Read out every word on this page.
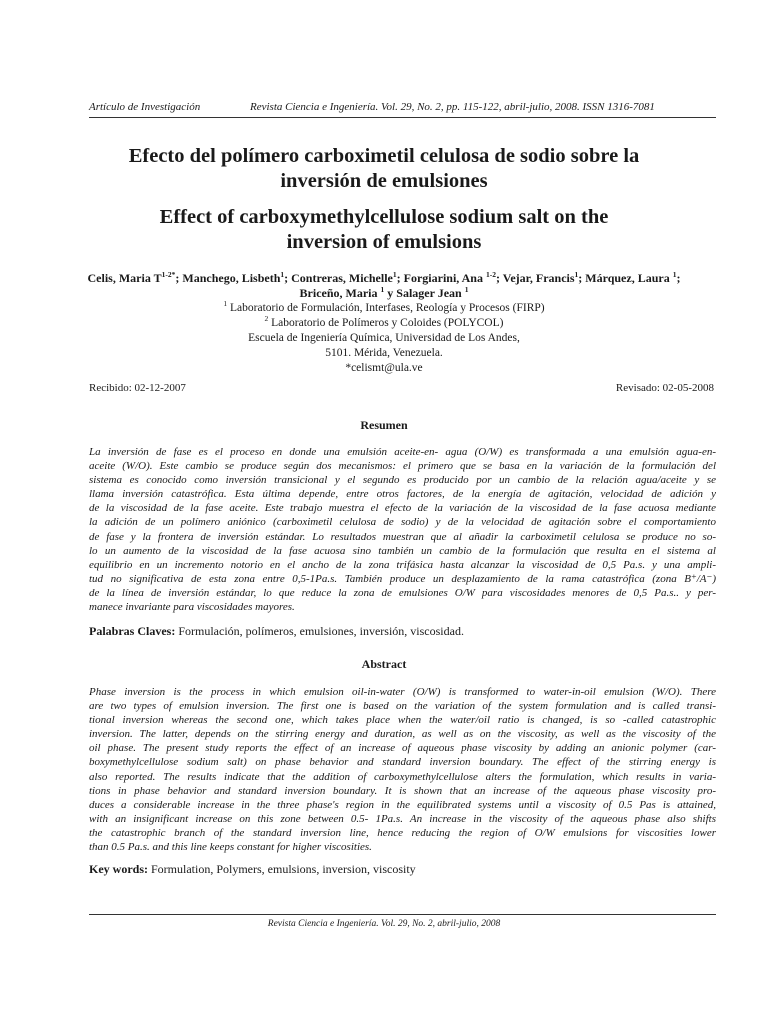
Artículo de Investigación	Revista Ciencia e Ingeniería. Vol. 29, No. 2, pp. 115-122, abril-julio, 2008. ISSN 1316-7081
Efecto del polímero carboximetil celulosa de sodio sobre la
inversión de emulsiones
Effect of carboxymethylcellulose sodium salt on the
inversion of emulsions
Celis, Maria $T^{1-2*}$; Manchego, Lisbeth$^1$; Contreras, Michelle$^1$; Forgiarini, Ana $^{1-2}$; Vejar, Francis$^1$; Márquez, Laura $^1$;
Briceño, Maria $^1$ y Salager Jean $^1$
$^1$ Laboratorio de Formulación, Interfases, Reología y Procesos (FIRP)
$^2$ Laboratorio de Polímeros y Coloides (POLYCOL)
Escuela de Ingeniería Química, Universidad de Los Andes,
5101. Mérida, Venezuela.
*celismt@ula.ve
Recibido: 02-12-2007	Revisado: 02-05-2008
Resumen
La inversión de fase es el proceso en donde una emulsión aceite-en- agua (O/W) es transformada a una emulsión agua-en-
aceite (W/O). Este cambio se produce según dos mecanismos: el primero que se basa en la variación de la formulación del
sistema es conocido como inversión transicional y el segundo es producido por un cambio de la relación agua/aceite y se
llama inversión catastrófica. Esta última depende, entre otros factores, de la energía de agitación, velocidad de adición y
de la viscosidad de la fase aceite. Este trabajo muestra el efecto de la variación de la viscosidad de la fase acuosa mediante
la adición de un polímero aniónico (carboximetil celulosa de sodio) y de la velocidad de agitación sobre el comportamiento
de fase y la frontera de inversión estándar. Lo resultados muestran que al añadir la carboximetil celulosa se produce no so-
lo un aumento de la viscosidad de la fase acuosa sino también un cambio de la formulación que resulta en el sistema al
equilibrio en un incremento notorio en el ancho de la zona trifásica hasta alcanzar la viscosidad de 0,5 Pa.s. y una ampli-
tud no significativa de esta zona entre 0,5-1Pa.s. También produce un desplazamiento de la rama catastrófica (zona B⁺/A⁻)
de la línea de inversión estándar, lo que reduce la zona de emulsiones O/W para viscosidades menores de 0,5 Pa.s.. y per-
manece invariante para viscosidades mayores.
Palabras Claves: Formulación, polímeros, emulsiones, inversión, viscosidad.
Abstract
Phase inversion is the process in which emulsion oil-in-water (O/W) is transformed to water-in-oil emulsion (W/O). There
are two types of emulsion inversion. The first one is based on the variation of the system formulation and is called transi-
tional inversion whereas the second one, which takes place when the water/oil ratio is changed, is so -called catastrophic
inversion. The latter, depends on the stirring energy and duration, as well as on the viscosity, as well as the viscosity of the
oil phase. The present study reports the effect of an increase of aqueous phase viscosity by adding an anionic polymer (car-
boxymethylcellulose sodium salt) on phase behavior and standard inversion boundary. The effect of the stirring energy is
also reported. The results indicate that the addition of carboxymethylcellulose alters the formulation, which results in varia-
tions in phase behavior and standard inversion boundary. It is shown that an increase of the aqueous phase viscosity pro-
duces a considerable increase in the three phase's region in the equilibrated systems until a viscosity of 0.5 Pas is attained,
with an insignificant increase on this zone between 0.5- 1Pa.s. An increase in the viscosity of the aqueous phase also shifts
the catastrophic branch of the standard inversion line, hence reducing the region of O/W emulsions for viscosities lower
than 0.5 Pa.s. and this line keeps constant for higher viscosities.
Key words: Formulation, Polymers, emulsions, inversion, viscosity
Revista Ciencia e Ingeniería. Vol. 29, No. 2, abril-julio, 2008
